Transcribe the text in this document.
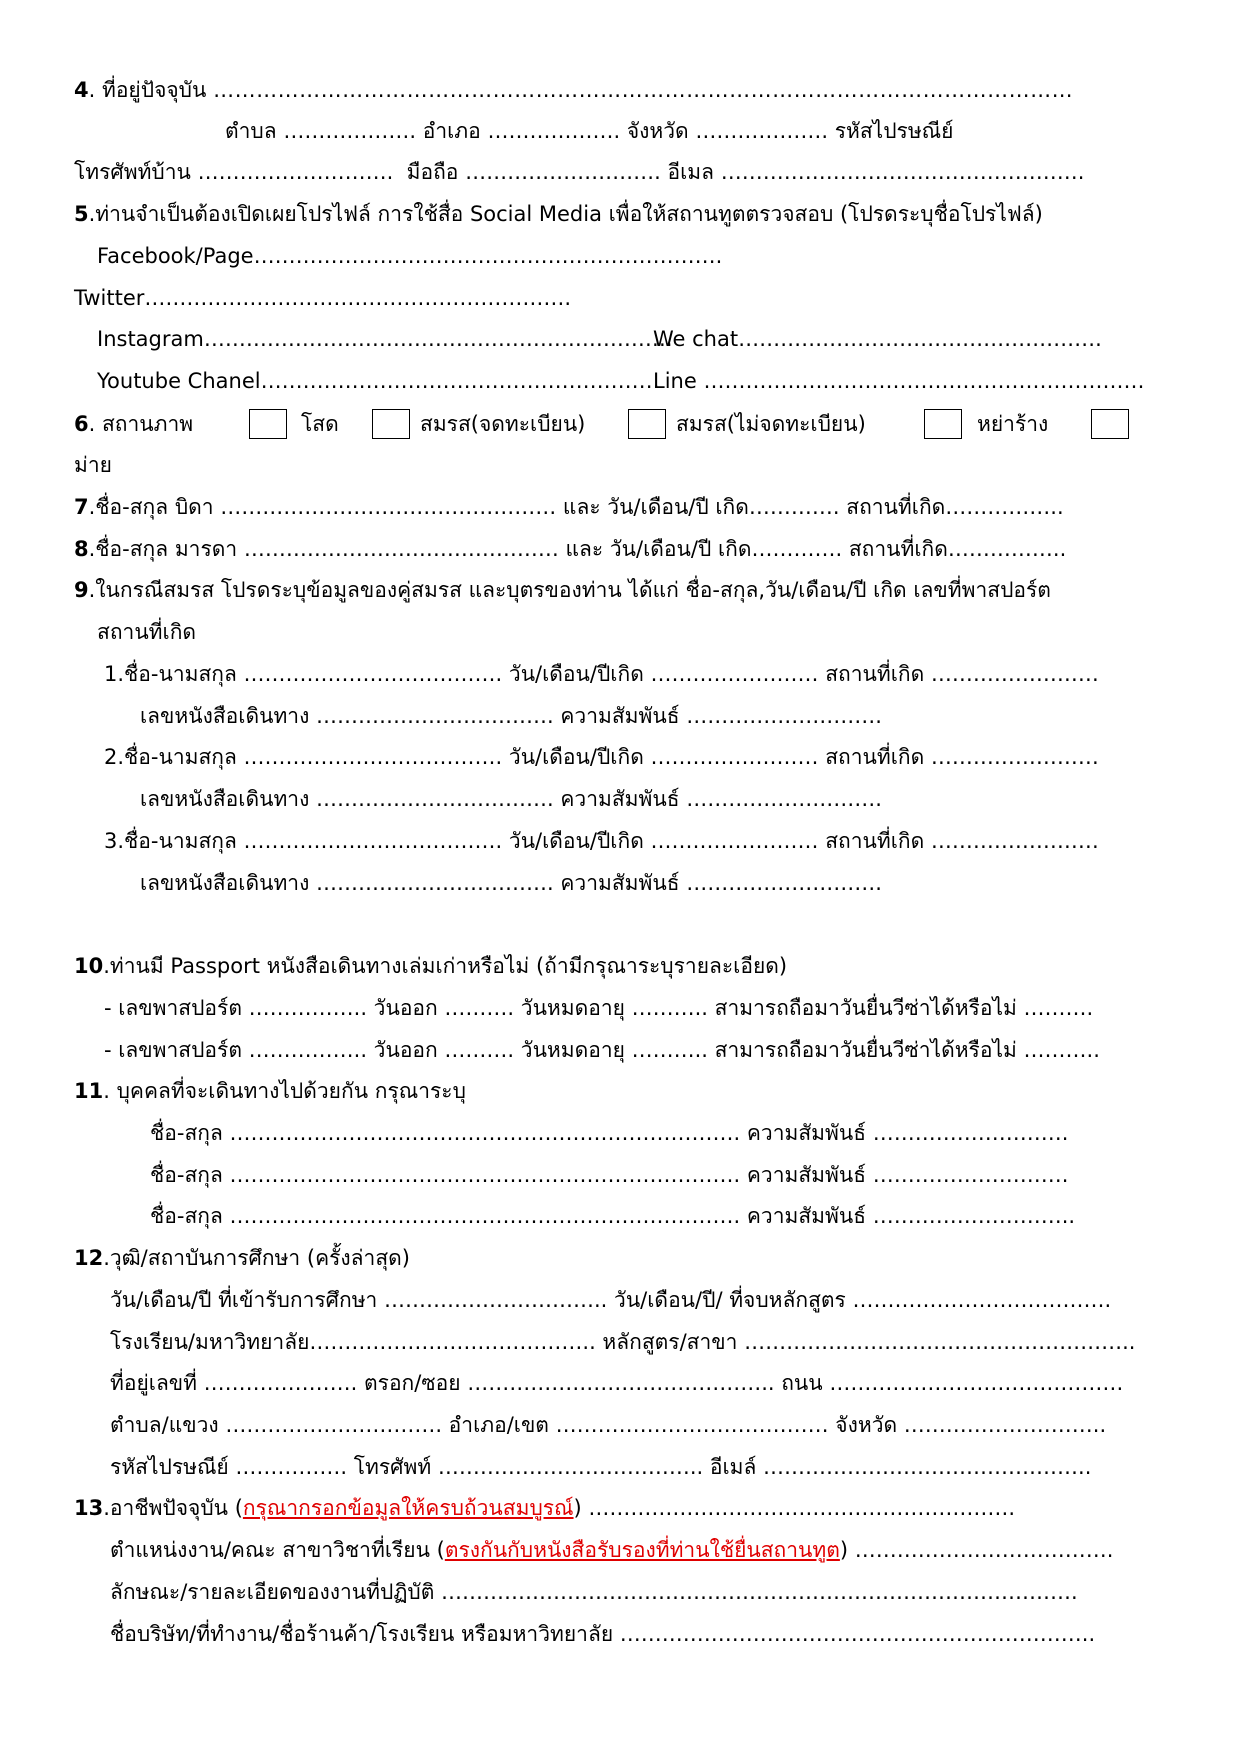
4. ที่อยู่ปัจจุบัน …………………………………………………………………………………………………………
ตำบล ………………. อำเภอ ………………. จังหวัด ………………. รหัสไปรษณีย์
โทรศัพท์บ้าน ………………………. มือถือ ………………………. อีเมล …………………………………………….
5.ท่านจำเป็นต้องเปิดเผยโปรไฟล์ การใช้สื่อ Social Media เพื่อให้สถานทูตตรวจสอบ (โปรดระบุชื่อโปรไฟล์)
Facebook/Page………………………………………………………….
Twitter…………………………………………………….
Instagram………………………………………………………….
We chat…………………………………………….
Youtube Chanel…………………………………………………
Line ………………………………………………………
6. สถานภาพ	โสด	สมรส(จดทะเบียน)	สมรส(ไม่จดทะเบียน)	หย่าร้าง
ม่าย
7.ชื่อ-สกุล บิดา ………………………………………… และ วัน/เดือน/ปี เกิด…………. สถานที่เกิด……………..
8.ชื่อ-สกุล มารดา ……………………………………… และ วัน/เดือน/ปี เกิด…………. สถานที่เกิด……………..
9.ในกรณีสมรส โปรดระบุข้อมูลของคู่สมรส และบุตรของท่าน ได้แก่ ชื่อ-สกุล,วัน/เดือน/ปี เกิด เลขที่พาสปอร์ต
สถานที่เกิด
1.ชื่อ-นามสกุล ………………………………. วัน/เดือน/ปีเกิด …………………… สถานที่เกิด ……………………
เลขหนังสือเดินทาง ……………………………. ความสัมพันธ์ ……………………….
2.ชื่อ-นามสกุล ………………………………. วัน/เดือน/ปีเกิด …………………… สถานที่เกิด ……………………
เลขหนังสือเดินทาง ……………………………. ความสัมพันธ์ ……………………….
3.ชื่อ-นามสกุล ………………………………. วัน/เดือน/ปีเกิด …………………… สถานที่เกิด ……………………
เลขหนังสือเดินทาง ……………………………. ความสัมพันธ์ ……………………….
10.ท่านมี Passport หนังสือเดินทางเล่มเก่าหรือไม่ (ถ้ามีกรุณาระบุรายละเอียด)
- เลขพาสปอร์ต …………….. วันออก ………. วันหมดอายุ ……….. สามารถถือมาวันยื่นวีซ่าได้หรือไม่ ……….
- เลขพาสปอร์ต …………….. วันออก ………. วันหมดอายุ ……….. สามารถถือมาวันยื่นวีซ่าได้หรือไม่ ………..
11. บุคคลที่จะเดินทางไปด้วยกัน กรุณาระบุ
ชื่อ-สกุล ………………………………………………………………. ความสัมพันธ์ ……………………….
ชื่อ-สกุล ………………………………………………………………. ความสัมพันธ์ ……………………….
ชื่อ-สกุล ………………………………………………………………. ความสัมพันธ์ ………………………..
12.วุฒิ/สถาบันการศึกษา (ครั้งล่าสุด)
วัน/เดือน/ปี ที่เข้ารับการศึกษา ………………………….. วัน/เดือน/ปี/ ที่จบหลักสูตร ……………………………….
โรงเรียน/มหาวิทยาลัย………………………………….. หลักสูตร/สาขา ………………………………………………..
ที่อยู่เลขที่ …………………. ตรอก/ซอย …………………………………….. ถนน ……………………………………
ตำบล/แขวง …………………………. อำเภอ/เขต ………………………………… จังหวัด ………………………..
รหัสไปรษณีย์ ……………. โทรศัพท์ ……………………………….. อีเมล์ ………………………………………..
13.อาชีพปัจจุบัน (กรุณากรอกข้อมูลให้ครบถ้วนสมบูรณ์) …………………………………………………….
ตำแหน่งงาน/คณะ สาขาวิชาที่เรียน (ตรงกันกับหนังสือรับรองที่ท่านใช้ยื่นสถานทูต) ……………………………….
ลักษณะ/รายละเอียดของงานที่ปฏิบัติ ……………………………………………………………………………….
ชื่อบริษัท/ที่ทำงาน/ชื่อร้านค้า/โรงเรียน หรือมหาวิทยาลัย …………………………………………………………..
